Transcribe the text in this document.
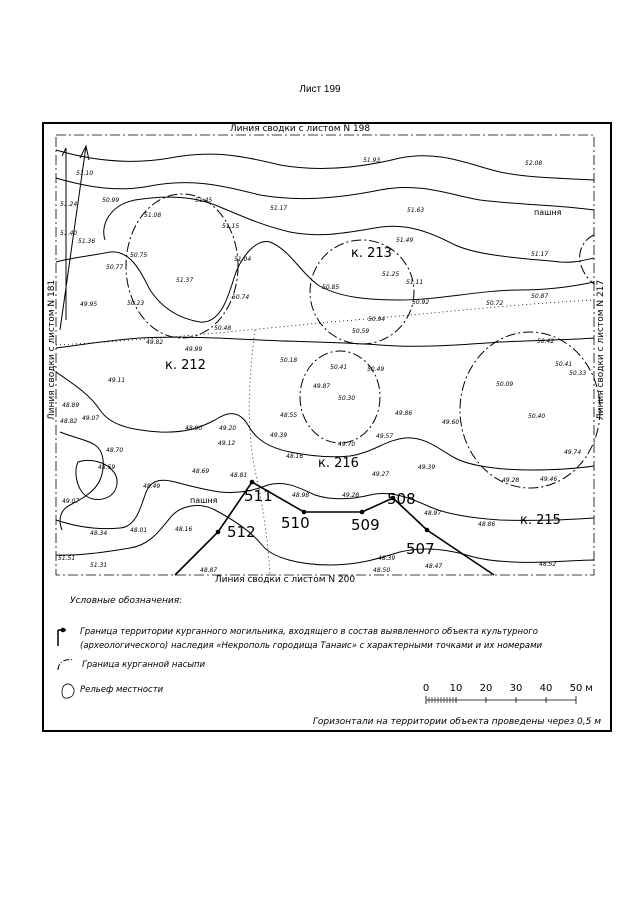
Лист 199
Линия сводки с листом N 198
Линия сводки с листом N 200
Линия сводки с листом N 181	Линия сводки с листом N 217
511
510	509
508
507
512
к. 212
к. 213
к. 216
к. 215
пашня
пашня
51.10
50.99
51.24
51.40
51.08
51.45
51.15
51.17
51.93	52.08
51.63
51.49
51.36
50.77
50.75
51.37
51.04
51.25
51.11
51.17
49.95	50.23
50.74
50.85
50.92	50.72
50.87
50.94
50.48
49.99
49.82
50.59
50.18
50.41	50.49
50.42
49.11
50.09
50.41
50.33
49.87
50.30
50.40
48.89
48.82 49.07	48.55	49.86
49.60
48.70
48.90	49.20
49.12
49.39	49.57
49.70
48.16
49.74
48.59
48.69
48.81	49.27
49.39
49.28	49.46
48.49
49.07
48.98	49.28
48.97
48.86
48.34	48.01	48.16
48.39
48.47	48.52
51.51
51.31
48.87	48.50
Условные обозначения:
Граница территории курганного могильника, входящего в состав выявленного объекта культурного
(археологического) наследия «Некрополь городища Танаис» с характерными точками и их номерами
Граница курганной насыпи
Рельеф местности	0 10 20 30 40 50 м
Горизонтали на территории объекта проведены через 0,5 м
